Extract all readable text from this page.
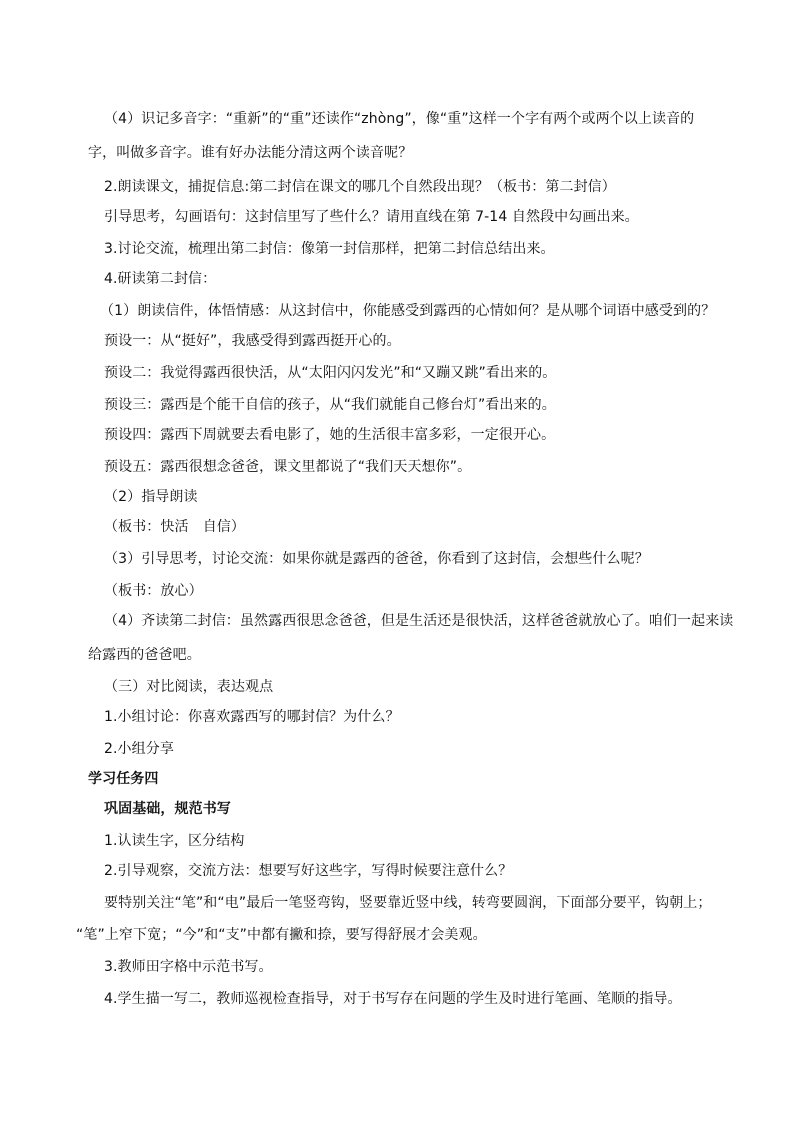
（4）识记多音字：“重新”的“重”还读作“zhòng”，像“重”这样一个字有两个或两个以上读音的
字，叫做多音字。谁有好办法能分清这两个读音呢？
2.朗读课文，捕捉信息:第二封信在课文的哪几个自然段出现？（板书：第二封信）
引导思考，勾画语句：这封信里写了些什么？请用直线在第 7-14 自然段中勾画出来。
3.讨论交流，梳理出第二封信：像第一封信那样，把第二封信总结出来。
4.研读第二封信：
（1）朗读信件，体悟情感：从这封信中，你能感受到露西的心情如何？是从哪个词语中感受到的？
预设一：从“挺好”，我感受得到露西挺开心的。
预设二：我觉得露西很快活，从“太阳闪闪发光”和“又蹦又跳”看出来的。
预设三：露西是个能干自信的孩子，从“我们就能自己修台灯”看出来的。
预设四：露西下周就要去看电影了，她的生活很丰富多彩，一定很开心。
预设五：露西很想念爸爸，课文里都说了“我们天天想你”。
（2）指导朗读
（板书：快活　自信）
（3）引导思考，讨论交流：如果你就是露西的爸爸，你看到了这封信，会想些什么呢？
（板书：放心）
（4）齐读第二封信：虽然露西很思念爸爸，但是生活还是很快活，这样爸爸就放心了。咱们一起来读
给露西的爸爸吧。
（三）对比阅读，表达观点
1.小组讨论：你喜欢露西写的哪封信？为什么？
2.小组分享
学习任务四
巩固基础，规范书写
1.认读生字，区分结构
2.引导观察，交流方法：想要写好这些字，写得时候要注意什么？
要特别关注“笔”和“电”最后一笔竖弯钩，竖要靠近竖中线，转弯要圆润，下面部分要平，钩朝上；
“笔”上窄下宽；“今”和“支”中都有撇和捺，要写得舒展才会美观。
3.教师田字格中示范书写。
4.学生描一写二，教师巡视检查指导，对于书写存在问题的学生及时进行笔画、笔顺的指导。
